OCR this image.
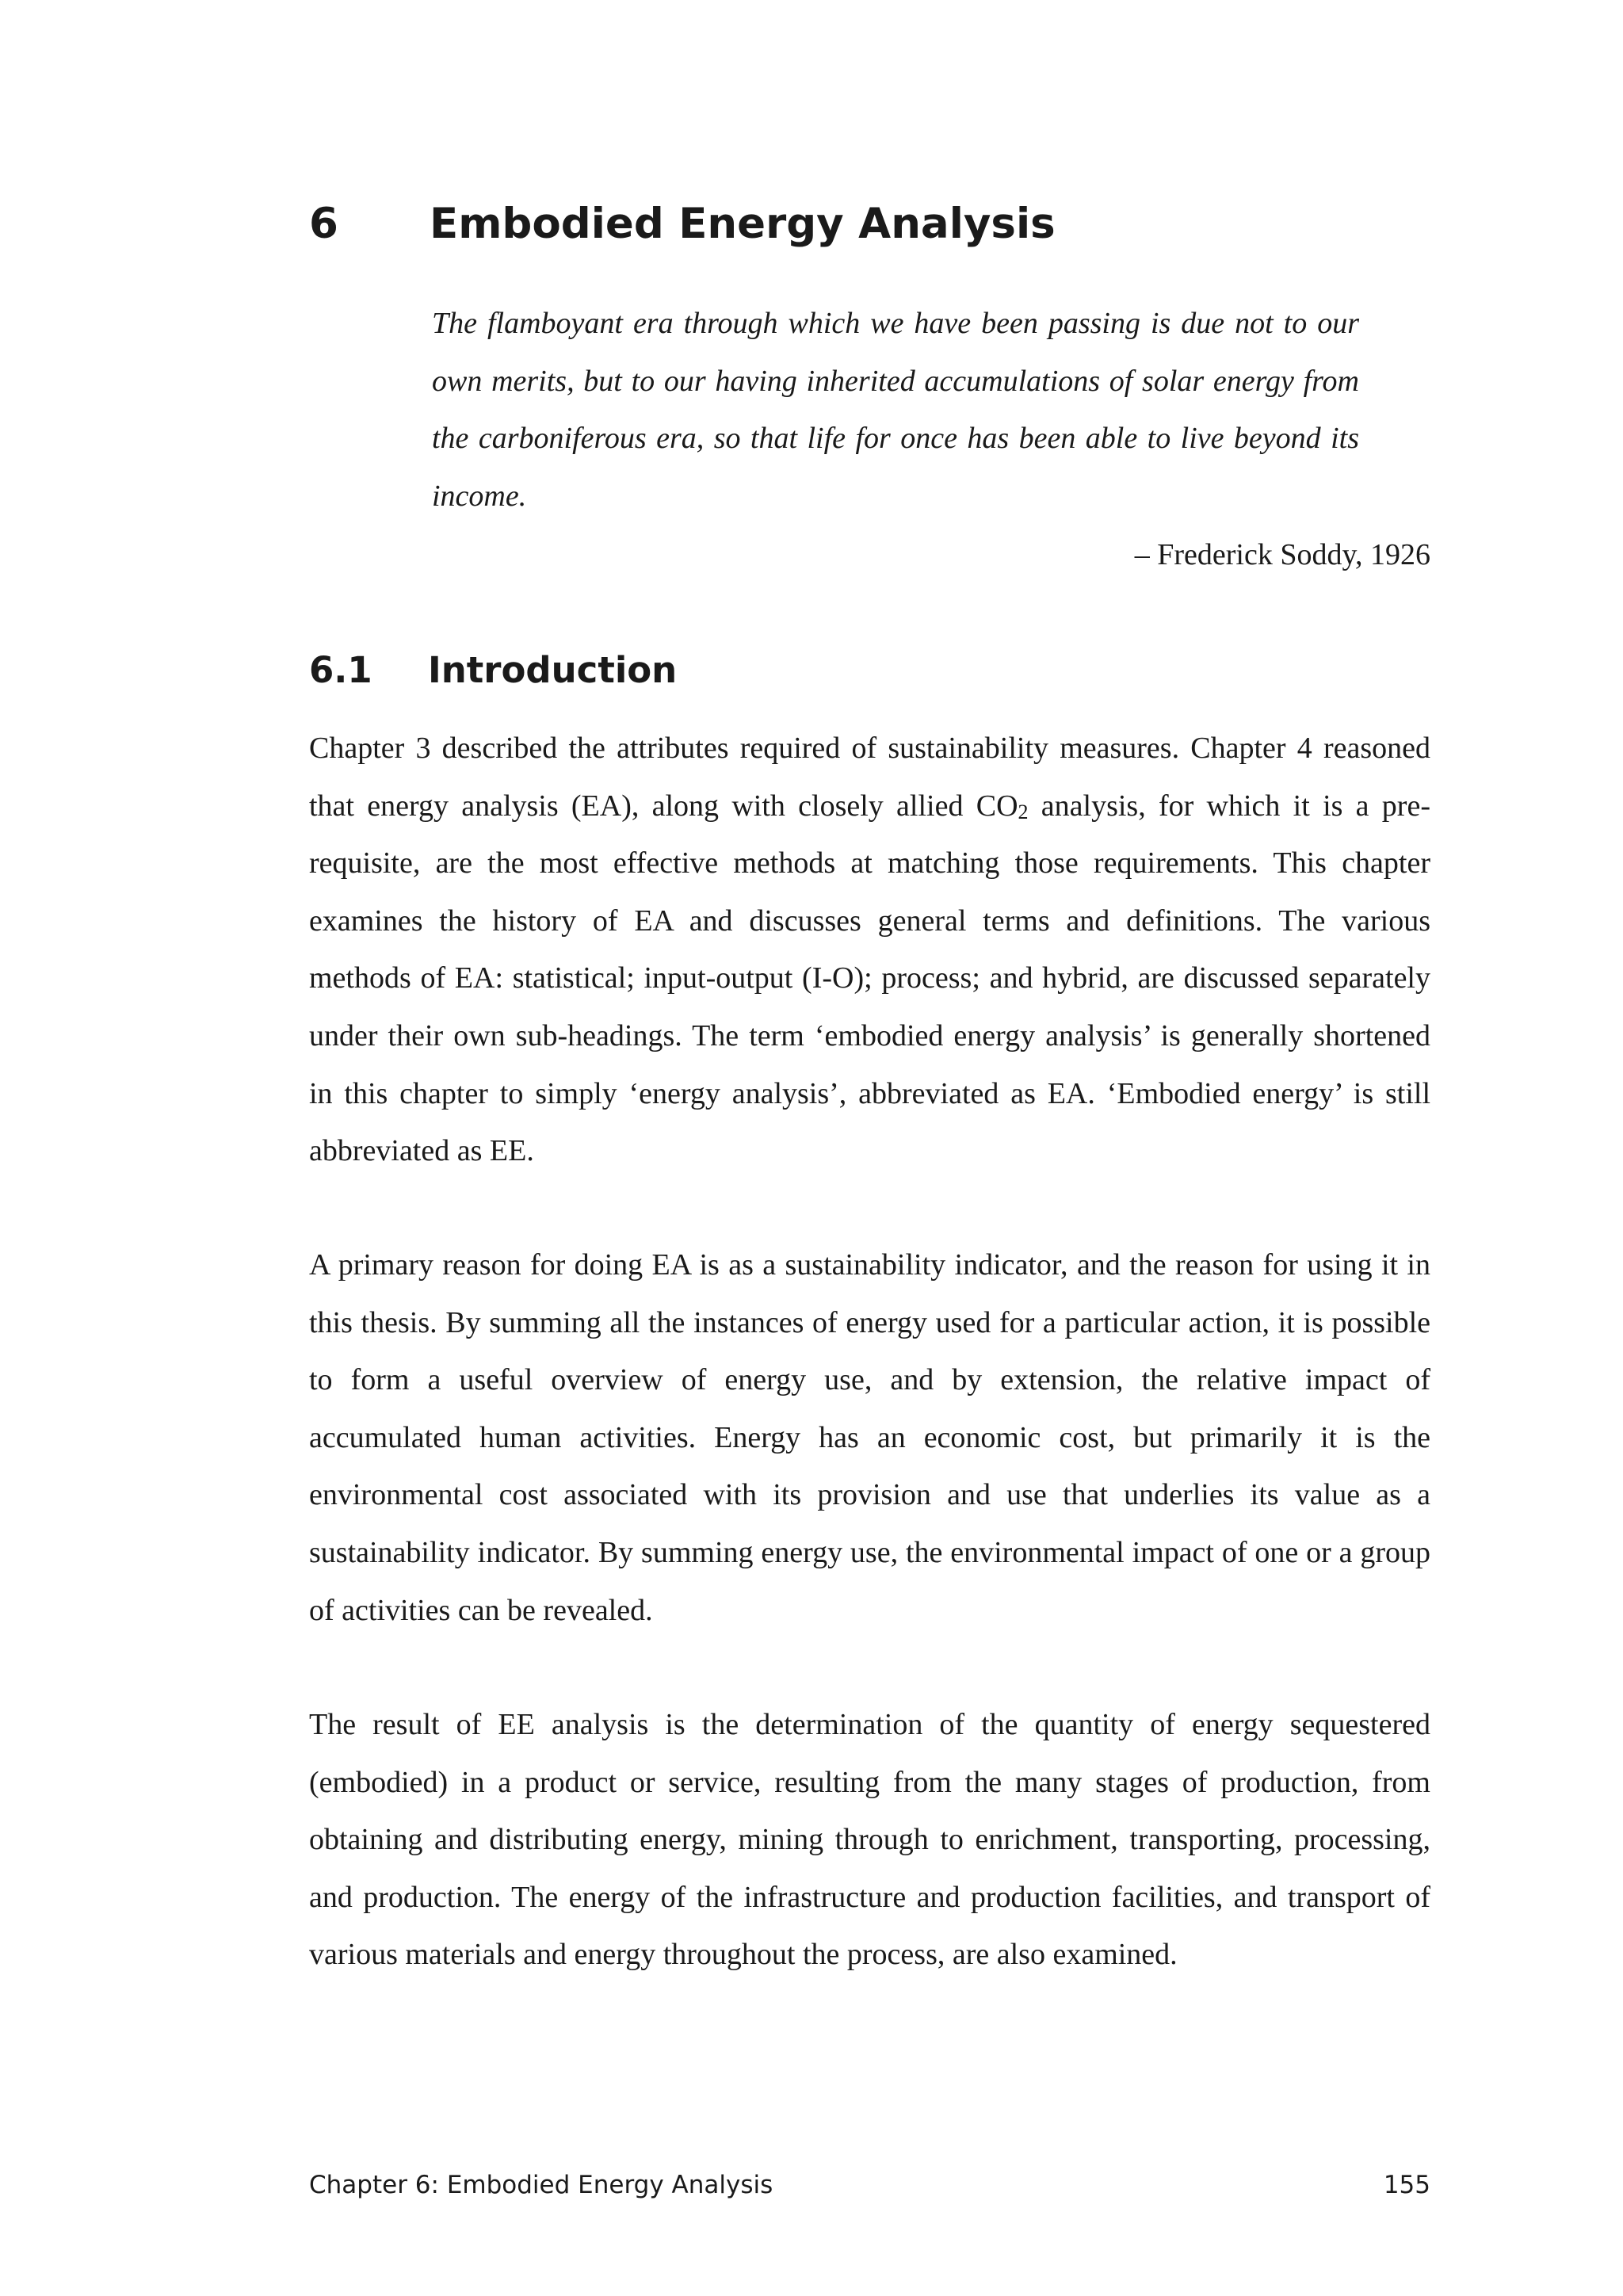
6 Embodied Energy Analysis
The flamboyant era through which we have been passing is due not to our own merits, but to our having inherited accumulations of solar energy from the carboniferous era, so that life for once has been able to live beyond its income.
– Frederick Soddy, 1926
6.1 Introduction

Chapter 3 described the attributes required of sustainability measures. Chapter 4 reasoned that energy analysis (EA), along with closely allied $CO_2$ analysis, for which it is a pre-requisite, are the most effective methods at matching those requirements. This chapter examines the history of EA and discusses general terms and definitions. The various methods of EA: statistical; input-output (I-O); process; and hybrid, are discussed separately under their own sub-headings. The term ‘embodied energy analysis’ is generally shortened in this chapter to simply ‘energy analysis’, abbreviated as EA. ‘Embodied energy’ is still abbreviated as EE.

A primary reason for doing EA is as a sustainability indicator, and the reason for using it in this thesis. By summing all the instances of energy used for a particular action, it is possible to form a useful overview of energy use, and by extension, the relative impact of accumulated human activities. Energy has an economic cost, but primarily it is the environmental cost associated with its provision and use that underlies its value as a sustainability indicator. By summing energy use, the environmental impact of one or a group of activities can be revealed.

The result of EE analysis is the determination of the quantity of energy sequestered (embodied) in a product or service, resulting from the many stages of production, from obtaining and distributing energy, mining through to enrichment, transporting, processing, and production. The energy of the infrastructure and production facilities, and transport of various materials and energy throughout the process, are also examined.

Chapter 6: Embodied Energy Analysis	155
